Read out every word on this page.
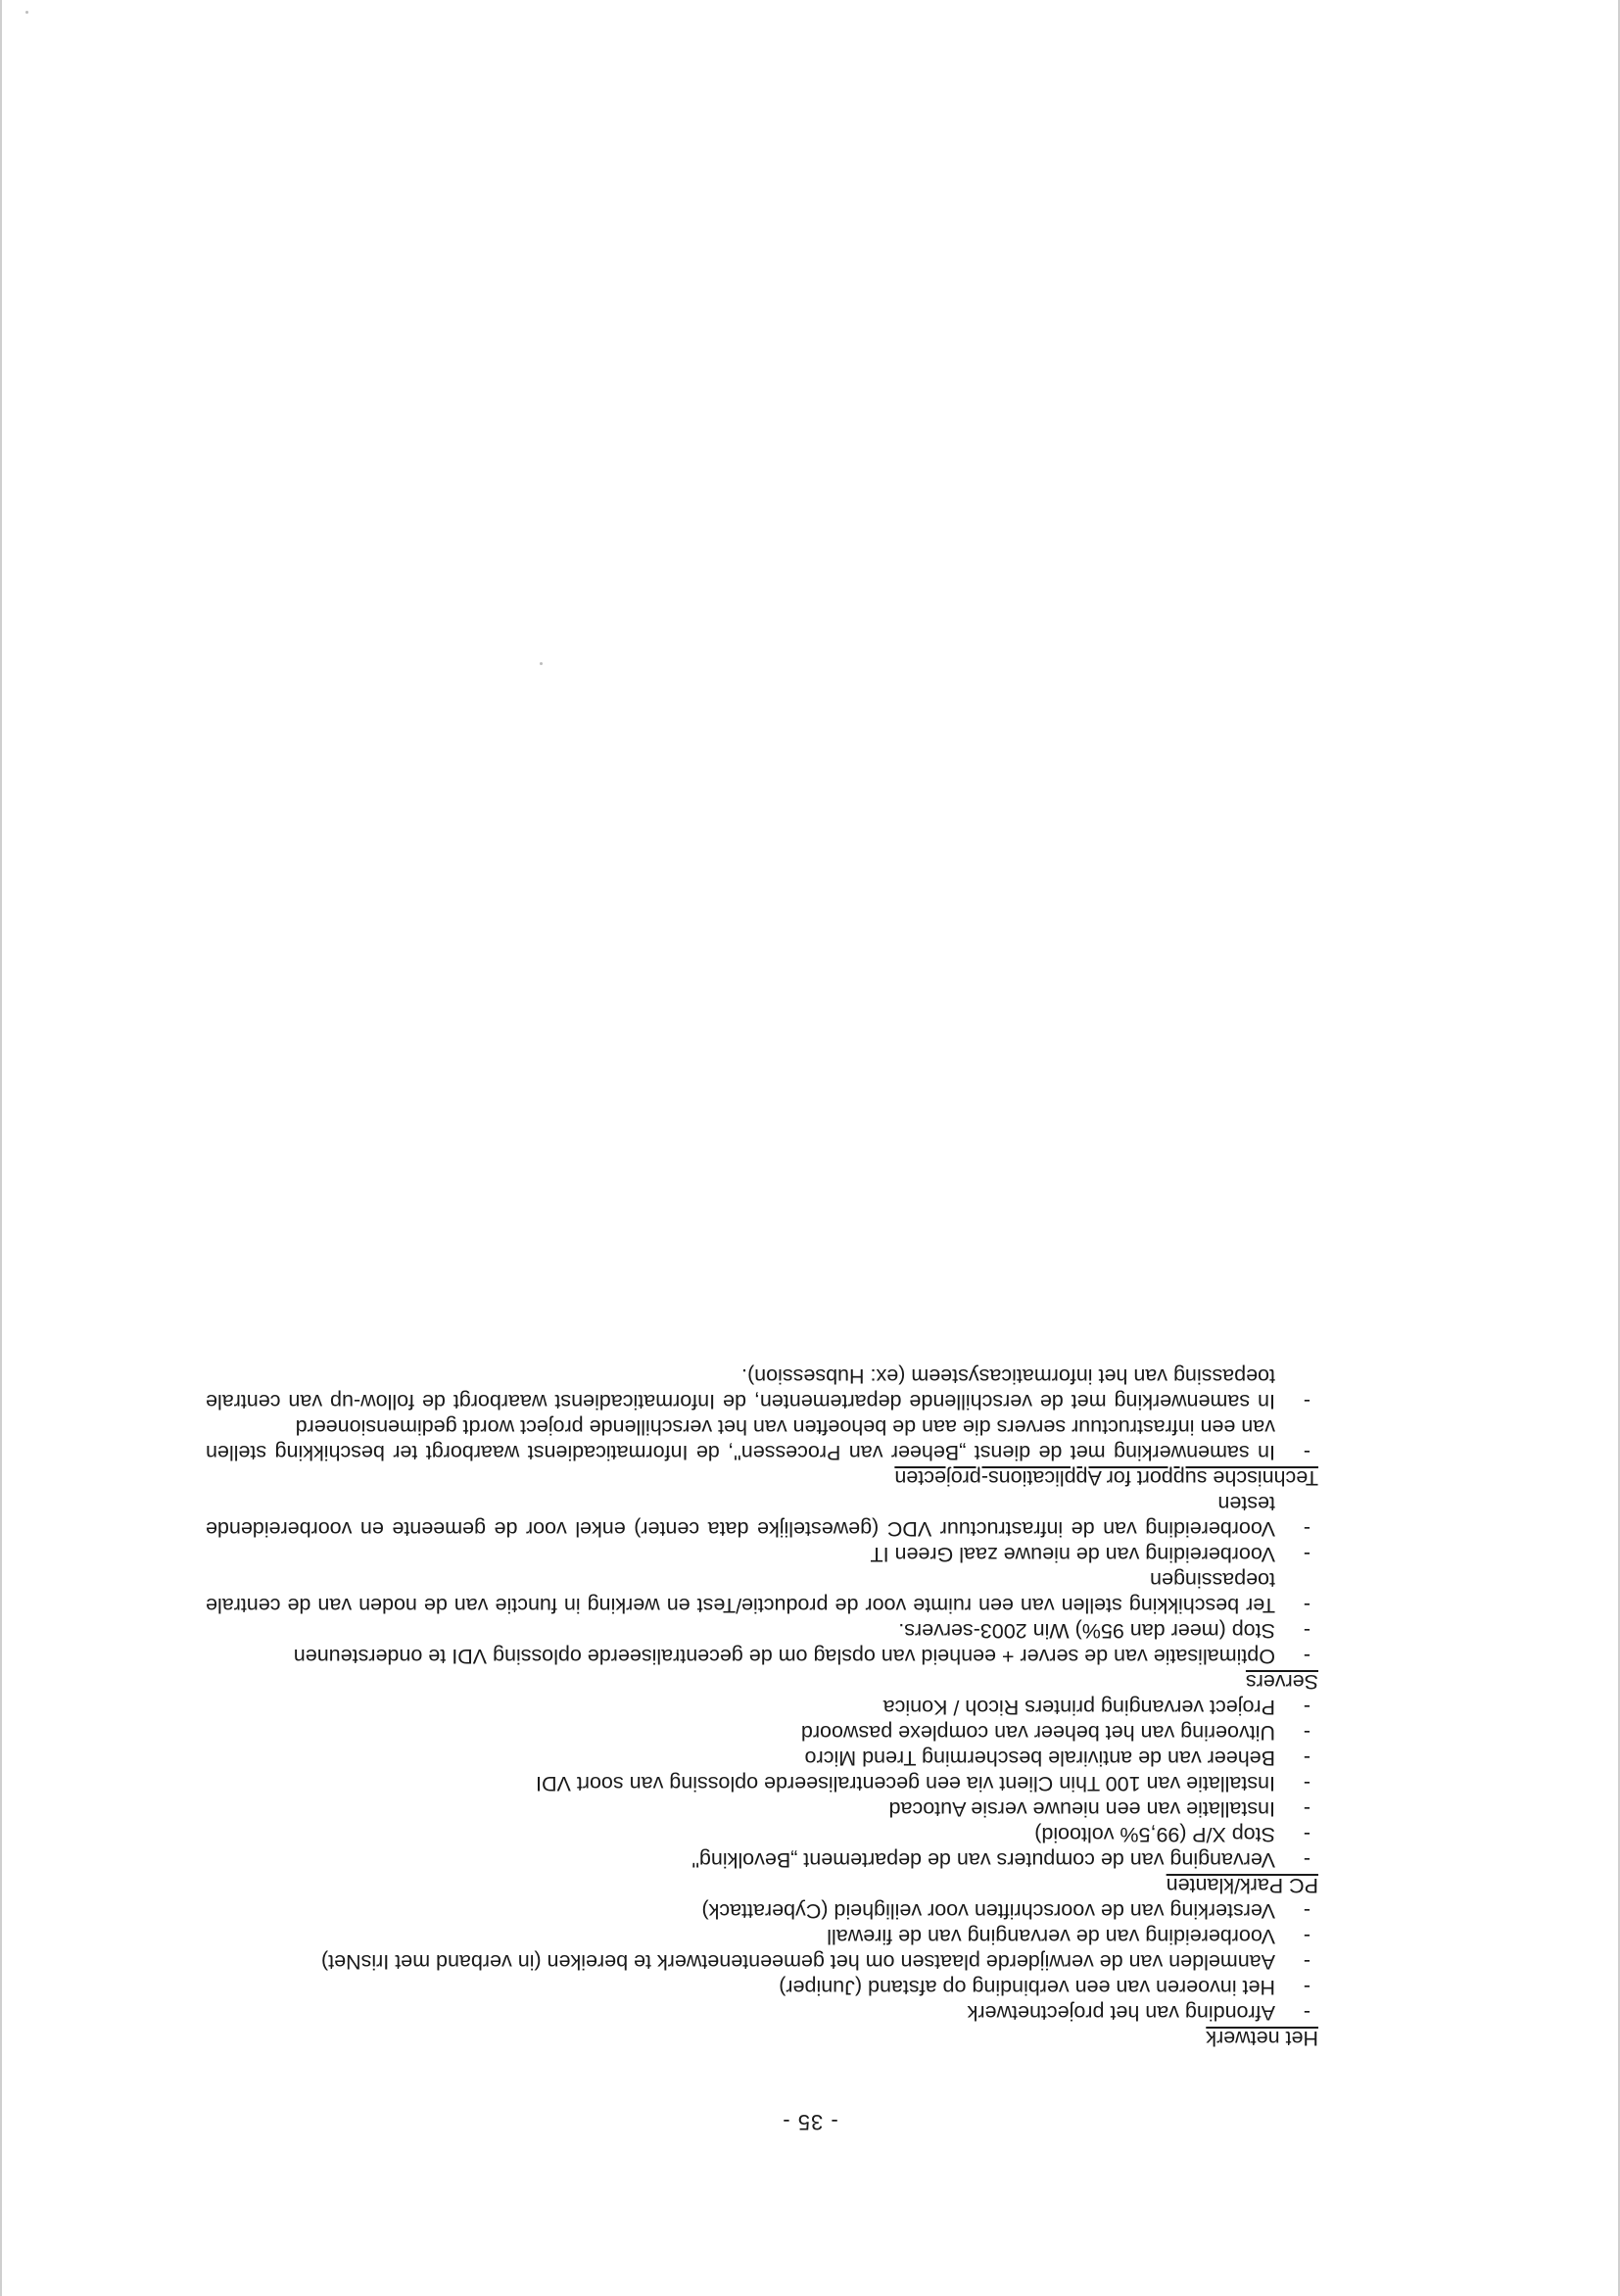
- 35 -
Het netwerk
-
Afronding van het projectnetwerk
-
Het invoeren van een verbinding op afstand (Juniper)
-
Aanmelden van de verwijderde plaatsen om het gemeentenetwerk te bereiken (in verband met IrisNet)
-
Voorbereiding van de vervanging van de firewall
-
Versterking van de voorschriften voor veiligheid (Cyberattack)
PC Park/klanten
-
Vervanging van de computers van de departement „Bevolking"
-
Stop X/P (99,5% voltooid)
-
Installatie van een nieuwe versie Autocad
-
Installatie van 100 Thin Client via een gecentraliseerde oplossing van soort VDI
-
Beheer van de antivirale bescherming Trend Micro
-
Uitvoering van het beheer van complexe paswoord
-
Project vervanging printers Ricoh / Konica
Servers
-
Optimalisatie van de server + eenheid van opslag om de gecentraliseerde oplossing VDI te ondersteunen
-
Stop (meer dan 95%) Win 2003-servers.
-
Ter beschikking stellen van een ruimte voor de productie/Test en werking in functie van de noden van de centrale toepassingen
-
Voorbereiding van de nieuwe zaal Green IT
-
Voorbereiding van de infrastructuur VDC (gewestelijke data center) enkel voor de gemeente en voorbereidende testen
Technische support for Applications-projecten
-
In samenwerking met de dienst „Beheer van Processen", de Informaticadienst waarborgt ter beschikking stellen van een infrastructuur servers die aan de behoeften van het verschillende project wordt gedimensioneerd
-
In samenwerking met de verschillende departementen, de Informaticadienst waarborgt de follow-up van centrale toepassing van het informaticasysteem (ex: Hubsession).
